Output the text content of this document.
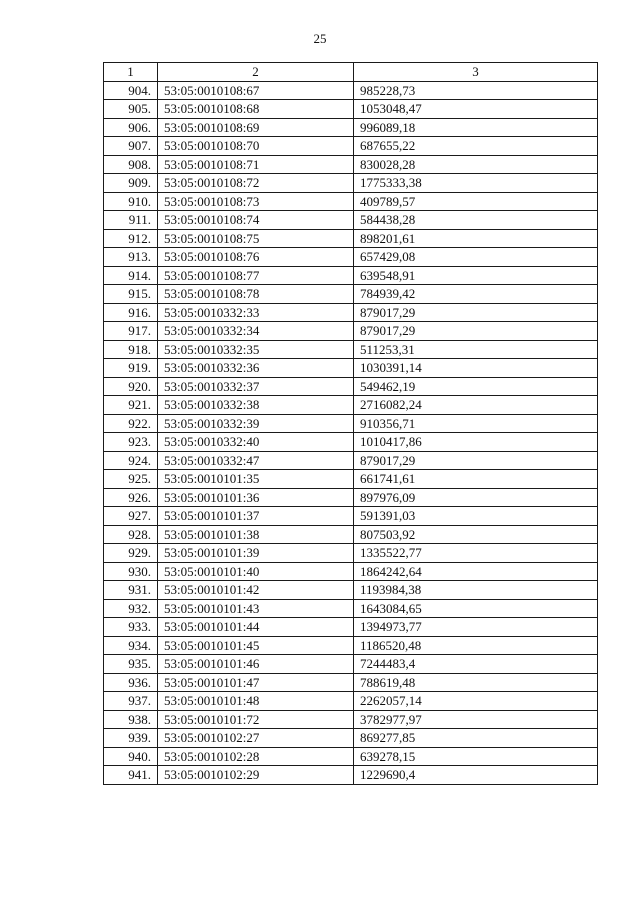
25
1	2	3
904.	53:05:0010108:67	985228,73
905.	53:05:0010108:68	1053048,47
906.	53:05:0010108:69	996089,18
907.	53:05:0010108:70	687655,22
908.	53:05:0010108:71	830028,28
909.	53:05:0010108:72	1775333,38
910.	53:05:0010108:73	409789,57
911.	53:05:0010108:74	584438,28
912.	53:05:0010108:75	898201,61
913.	53:05:0010108:76	657429,08
914.	53:05:0010108:77	639548,91
915.	53:05:0010108:78	784939,42
916.	53:05:0010332:33	879017,29
917.	53:05:0010332:34	879017,29
918.	53:05:0010332:35	511253,31
919.	53:05:0010332:36	1030391,14
920.	53:05:0010332:37	549462,19
921.	53:05:0010332:38	2716082,24
922.	53:05:0010332:39	910356,71
923.	53:05:0010332:40	1010417,86
924.	53:05:0010332:47	879017,29
925.	53:05:0010101:35	661741,61
926.	53:05:0010101:36	897976,09
927.	53:05:0010101:37	591391,03
928.	53:05:0010101:38	807503,92
929.	53:05:0010101:39	1335522,77
930.	53:05:0010101:40	1864242,64
931.	53:05:0010101:42	1193984,38
932.	53:05:0010101:43	1643084,65
933.	53:05:0010101:44	1394973,77
934.	53:05:0010101:45	1186520,48
935.	53:05:0010101:46	7244483,4
936.	53:05:0010101:47	788619,48
937.	53:05:0010101:48	2262057,14
938.	53:05:0010101:72	3782977,97
939.	53:05:0010102:27	869277,85
940.	53:05:0010102:28	639278,15
941.	53:05:0010102:29	1229690,4
